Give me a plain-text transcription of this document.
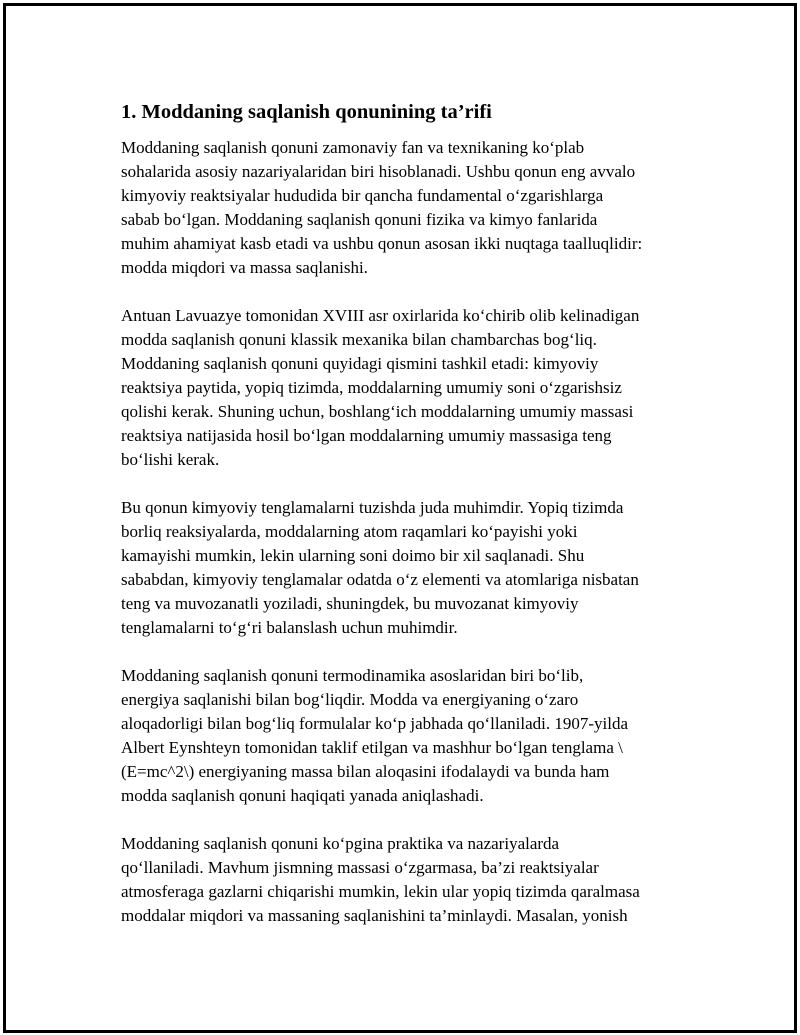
1. Moddaning saqlanish qonunining ta’rifi

Moddaning saqlanish qonuni zamonaviy fan va texnikaning ko‘plab
sohalarida asosiy nazariyalaridan biri hisoblanadi. Ushbu qonun eng avvalo
kimyoviy reaktsiyalar hududida bir qancha fundamental o‘zgarishlarga
sabab bo‘lgan. Moddaning saqlanish qonuni fizika va kimyo fanlarida
muhim ahamiyat kasb etadi va ushbu qonun asosan ikki nuqtaga taalluqlidir:
modda miqdori va massa saqlanishi.

Antuan Lavuazye tomonidan XVIII asr oxirlarida ko‘chirib olib kelinadigan
modda saqlanish qonuni klassik mexanika bilan chambarchas bog‘liq.
Moddaning saqlanish qonuni quyidagi qismini tashkil etadi: kimyoviy
reaktsiya paytida, yopiq tizimda, moddalarning umumiy soni o‘zgarishsiz
qolishi kerak. Shuning uchun, boshlang‘ich moddalarning umumiy massasi
reaktsiya natijasida hosil bo‘lgan moddalarning umumiy massasiga teng
bo‘lishi kerak.

Bu qonun kimyoviy tenglamalarni tuzishda juda muhimdir. Yopiq tizimda
borliq reaksiyalarda, moddalarning atom raqamlari ko‘payishi yoki
kamayishi mumkin, lekin ularning soni doimo bir xil saqlanadi. Shu
sababdan, kimyoviy tenglamalar odatda o‘z elementi va atomlariga nisbatan
teng va muvozanatli yoziladi, shuningdek, bu muvozanat kimyoviy
tenglamalarni to‘g‘ri balanslash uchun muhimdir.

Moddaning saqlanish qonuni termodinamika asoslaridan biri bo‘lib,
energiya saqlanishi bilan bog‘liqdir. Modda va energiyaning o‘zaro
aloqadorligi bilan bog‘liq formulalar ko‘p jabhada qo‘llaniladi. 1907-yilda
Albert Eynshteyn tomonidan taklif etilgan va mashhur bo‘lgan tenglama \
(E=mc^2\) energiyaning massa bilan aloqasini ifodalaydi va bunda ham
modda saqlanish qonuni haqiqati yanada aniqlashadi.

Moddaning saqlanish qonuni ko‘pgina praktika va nazariyalarda
qo‘llaniladi. Mavhum jismning massasi o‘zgarmasa, ba’zi reaktsiyalar
atmosferaga gazlarni chiqarishi mumkin, lekin ular yopiq tizimda qaralmasa
moddalar miqdori va massaning saqlanishini ta’minlaydi. Masalan, yonish
